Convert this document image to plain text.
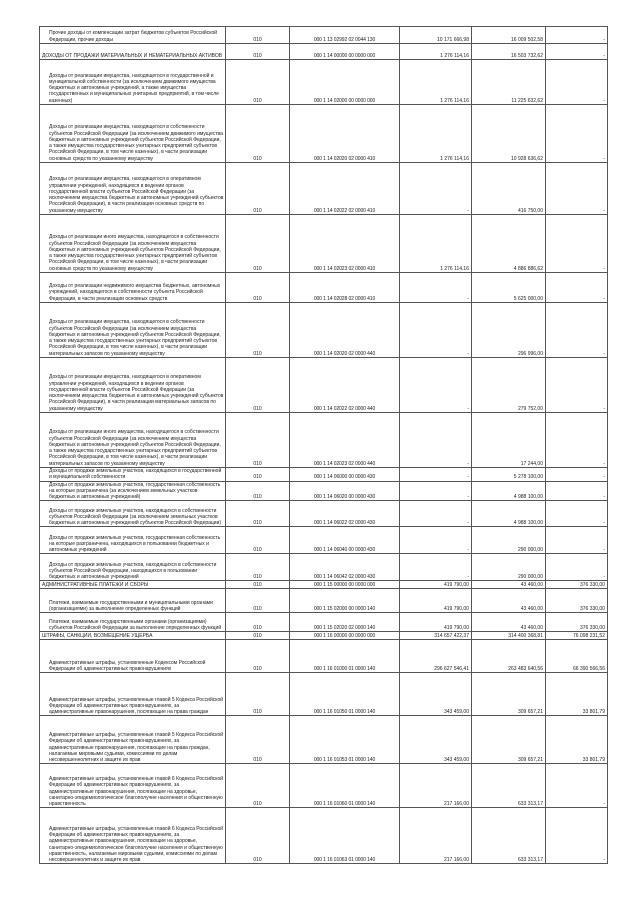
Прочие доходы от компенсации затрат бюджетов субъектов Российской Федерации, прочие доходы	010	000 1 13 02992 02 0044 130	10 171 666,98	16 009 502,58	-
ДОХОДЫ ОТ ПРОДАЖИ МАТЕРИАЛЬНЫХ И НЕМАТЕРИАЛЬНЫХ АКТИВОВ	010	000 1 14 00000 00 0000 000	1 276 114,16	16 503 732,62	-
Доходы от реализации имущества, находящегося в государственной и муниципальной собственности (за исключением движимого имущества бюджетных и автономных учреждений, а также имущества государственных и муниципальных унитарных предприятий, в том числе казенных)	010	000 1 14 02000 00 0000 000	1 276 114,16	11 225 632,62	-
Доходы от реализации имущества, находящегося в собственности субъектов Российской Федерации (за исключением движимого имущества бюджетных и автономных учреждений субъектов Российской Федерации, а также имущества государственных унитарных предприятий субъектов Российской Федерации, в том числе казенных), в части реализации основных средств по указанному имуществу	010	000 1 14 02020 02 0000 410	1 276 114,16	10 928 636,62	-
Доходы от реализации имущества, находящегося в оперативном управлении учреждений, находящихся в ведении органов государственной власти субъектов Российской Федерации (за исключением имущества бюджетных и автономных учреждений субъектов Российской Федерации), в части реализации основных средств по указанному имуществу	010	000 1 14 02022 02 0000 410	-	416 750,00	-
Доходы от реализации иного имущества, находящегося в собственности субъектов Российской Федерации (за исключением имущества бюджетных и автономных учреждений субъектов Российской Федерации, а также имущества государственных унитарных предприятий субъектов Российской Федерации, в том числе казенных), в части реализации основных средств по указанному имуществу	010	000 1 14 02023 02 0000 410	1 276 114,16	4 886 886,62	-
Доходы от реализации недвижимого имущества бюджетных, автономных учреждений, находящегося в собственности субъекта Российской Федерации, в части реализации основных средств	010	000 1 14 02028 02 0000 410	-	5 625 000,00	-
Доходы от реализации имущества, находящегося в собственности субъектов Российской Федерации (за исключением имущества бюджетных и автономных учреждений субъектов Российской Федерации, а также имущества государственных унитарных предприятий субъектов Российской Федерации, в том числе казенных), в части реализации материальных запасов по указанному имуществу	010	000 1 14 02020 02 0000 440	-	296 996,00	-
Доходы от реализации имущества, находящегося в оперативном управлении учреждений, находящихся в ведении органов государственной власти субъектов Российской Федерации (за исключением имущества бюджетных и автономных учреждений субъектов Российской Федерации), в части реализации материальных запасов по указанному имуществу	010	000 1 14 02022 02 0000 440	-	279 752,00	-
Доходы от реализации иного имущества, находящегося в собственности субъектов Российской Федерации (за исключением имущества бюджетных и автономных учреждений субъектов Российской Федерации, а также имущества государственных унитарных предприятий субъектов Российской Федерации, в том числе казенных), в части реализации материальных запасов по указанному имуществу	010	000 1 14 02023 02 0000 440	-	17 244,00	-
Доходы от продажи земельных участков, находящихся в государственной и муниципальной собственности	010	000 1 14 06000 00 0000 430	-	5 278 100,00	-
Доходы от продажи земельных участков, государственная собственность на которые разграничена (за исключением земельных участков бюджетных и автономных учреждений)	010	000 1 14 06020 00 0000 430	-	4 988 100,00	-
Доходы от продажи земельных участков, находящихся в собственности субъектов Российской Федерации (за исключением земельных участков бюджетных и автономных учреждений субъектов Российской Федерации)	010	000 1 14 06022 02 0000 430	-	4 988 100,00	-
Доходы от продажи земельных участков, государственная собственность на которые разграничена, находящихся в пользовании бюджетных и автономных учреждений	010	000 1 14 06040 00 0000 430	-	290 000,00	-
Доходы от продажи земельных участков, находящихся в собственности субъектов Российской Федерации, находящихся в пользовании бюджетных и автономных учреждений	010	000 1 14 06042 02 0000 430	-	290 000,00	-
АДМИНИСТРАТИВНЫЕ ПЛАТЕЖИ И СБОРЫ	010	000 1 15 00000 00 0000 000	419 790,00	43 460,00	376 330,00
Платежи, взимаемые государственными и муниципальными органами (организациями) за выполнение определенных функций	010	000 1 15 02000 00 0000 140	419 790,00	43 460,00	376 330,00
Платежи, взимаемые государственными органами (организациями) субъектов Российской Федерации за выполнение определенных функций	010	000 1 15 02020 02 0000 140	419 790,00	43 460,00	376 330,00
ШТРАФЫ, САНКЦИИ, ВОЗМЕЩЕНИЕ УЩЕРБА	010	000 1 16 00000 00 0000 000	314 657 422,37	314 400 368,81	76 098 231,52
Административные штрафы, установленные Кодексом Российской Федерации об административных правонарушениях	010	000 1 16 01000 01 0000 140	296 627 546,41	263 483 640,56	66 390 566,56
Административные штрафы, установленные главой 5 Кодекса Российской Федерации об административных правонарушениях, за административные правонарушения, посягающие на права граждан	010	000 1 16 01050 01 0000 140	343 459,00	309 657,21	33 801,79
Административные штрафы, установленные главой 5 Кодекса Российской Федерации об административных правонарушениях, за административные правонарушения, посягающие на права граждан, налагаемые мировыми судьями, комиссиями по делам несовершеннолетних и защите их прав	010	000 1 16 01053 01 0000 140	343 459,00	309 657,21	33 801,79
Административные штрафы, установленные главой 6 Кодекса Российской Федерации об административных правонарушениях, за административные правонарушения, посягающие на здоровье, санитарно-эпидемиологическое благополучие населения и общественную нравственность	010	000 1 16 01060 01 0000 140	217 166,00	633 313,17	-
Административные штрафы, установленные главой 6 Кодекса Российской Федерации об административных правонарушениях, за административные правонарушения, посягающие на здоровье, санитарно-эпидемиологическое благополучие населения и общественную нравственность, налагаемые мировыми судьями, комиссиями по делам несовершеннолетних и защите их прав	010	000 1 16 01063 01 0000 140	217 166,00	633 313,17	-
